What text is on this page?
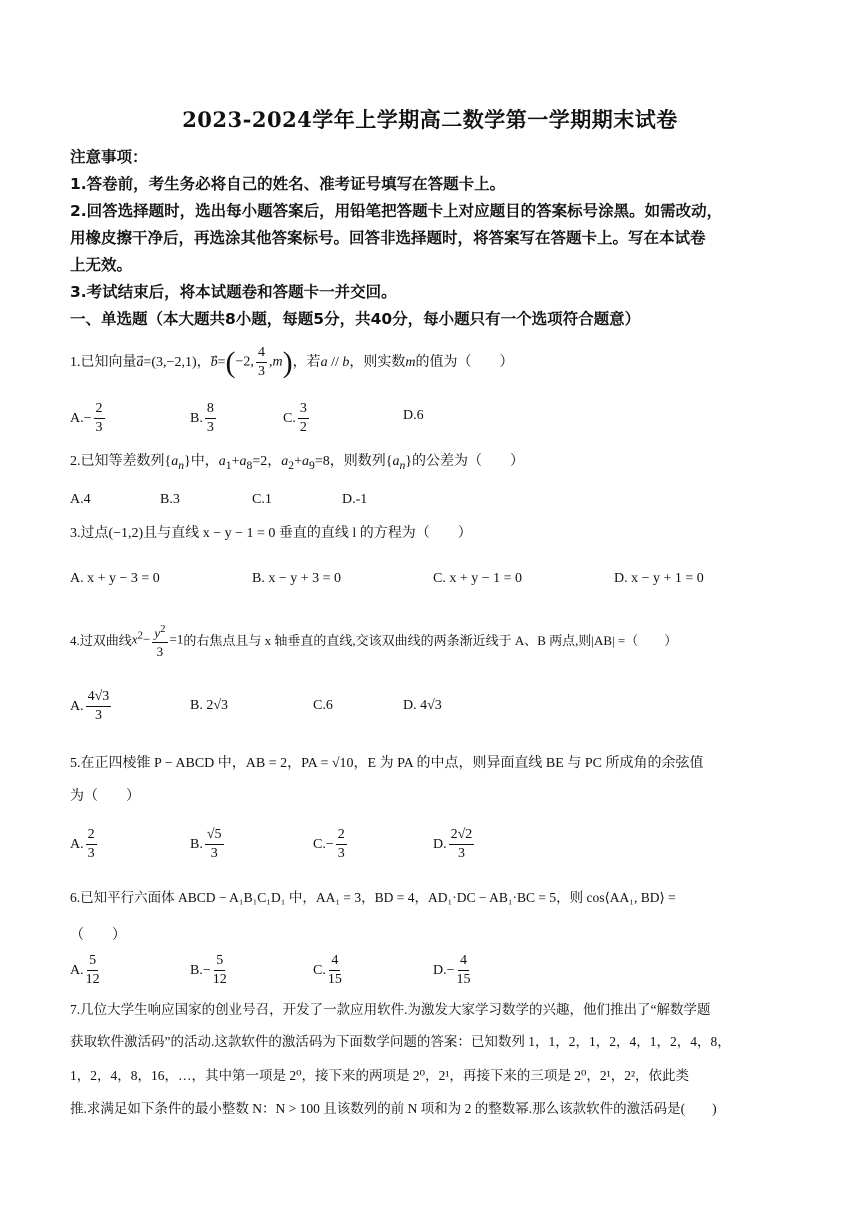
2023-2024学年上学期高二数学第一学期期末试卷
注意事项：
1.答卷前，考生务必将自己的姓名、准考证号填写在答题卡上。
2.回答选择题时，选出每小题答案后，用铅笔把答题卡上对应题目的答案标号涂黑。如需改动，
用橡皮擦干净后，再选涂其他答案标号。回答非选择题时，将答案写在答题卡上。写在本试卷
上无效。
3.考试结束后，将本试题卷和答题卡一并交回。
一、单选题（本大题共8小题，每题5分，共40分，每小题只有一个选项符合题意）
1.已知向量 a⃗=(3,−2,1)，b⃗= ( −2, $\frac{4}{3} ,m$ ) ，若 a // b ，则实数 m 的值为（　　）
A. − $\frac{2}{3}$	B. $\frac{8}{3}$	C. $\frac{3}{2}$	D.6
2.已知等差数列$\{a_n\}$中，$a_1+a_8=2$，$a_2+a_9=8$，则数列$\{a_n\}$的公差为（　　）
A.4	B.3	C.1	D.-1
3.过点(−1,2)且与直线 x − y − 1 = 0 垂直的直线 l 的方程为（　　）
A. x + y − 3 = 0	B. x − y + 3 = 0	C. x + y − 1 = 0	D. x − y + 1 = 0
4.过双曲线 $x^2- \frac{y^2}{3} =1$ 的右焦点且与 x 轴垂直的直线,交该双曲线的两条渐近线于 A、B 两点,则|AB| =（　　）
A. $\frac{4√3}{3}$	B. 2√3	C.6	D. 4√3
5.在正四棱锥 P − ABCD 中，AB = 2，PA = √10，E 为 PA 的中点，则异面直线 BE 与 PC 所成角的余弦值
为（　　）
A. $\frac{2}{3}$	B. $\frac{√5}{3}$	C. − $\frac{2}{3}$	D. $\frac{2√2}{3}$
6.已知平行六面体 ABCD − A₁B₁C₁D₁ 中，AA₁ = 3，BD = 4，AD₁·DC − AB₁·BC = 5，则 cos⟨AA₁, BD⟩ =
（　　）
A. $\frac{5}{12}$	B. − $\frac{5}{12}$	C. $\frac{4}{15}$	D. − $\frac{4}{15}$
7.几位大学生响应国家的创业号召，开发了一款应用软件.为激发大家学习数学的兴趣，他们推出了“解数学题
获取软件激活码”的活动.这款软件的激活码为下面数学问题的答案：已知数列 1，1，2，1，2，4，1，2，4，8，
1，2，4，8，16，…，其中第一项是 2⁰，接下来的两项是 2⁰，2¹，再接下来的三项是 2⁰，2¹，2²，依此类
推.求满足如下条件的最小整数 N：N > 100 且该数列的前 N 项和为 2 的整数幂.那么该款软件的激活码是(　　)
